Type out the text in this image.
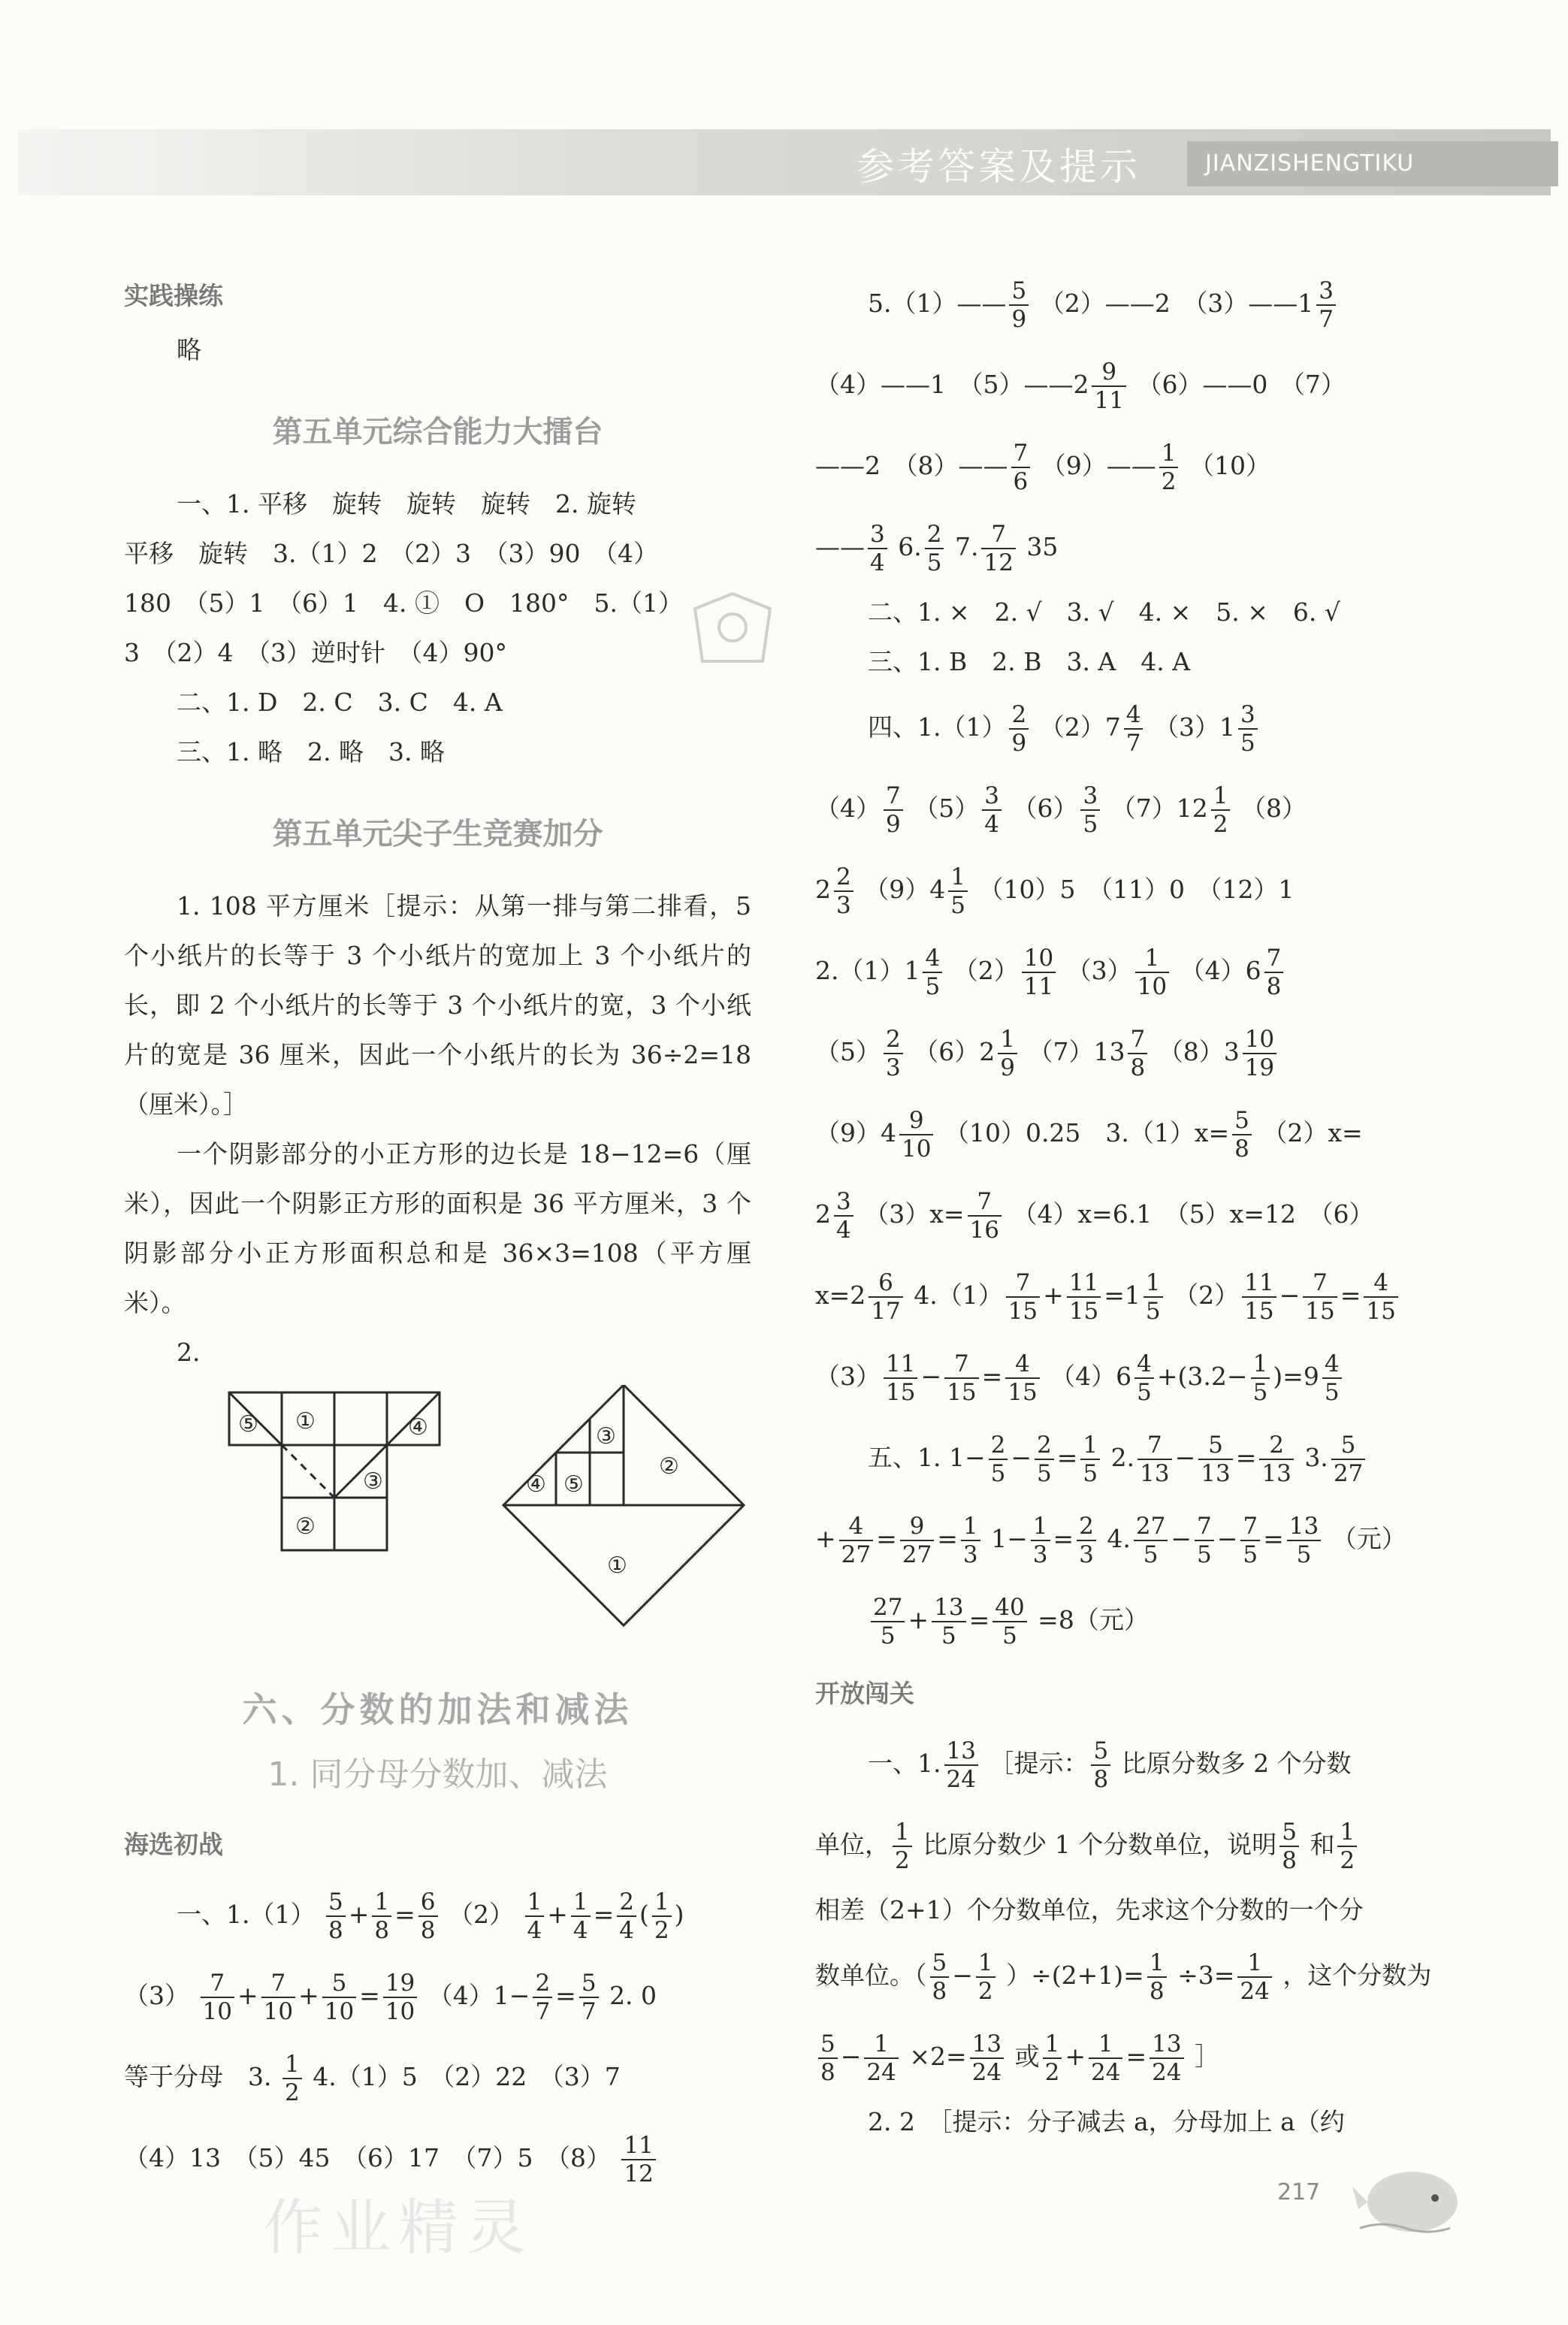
参考答案及提示	JIANZISHENGTIKU
实践操练
略
第五单元综合能力大擂台
一、1. 平移　旋转　旋转　旋转　2. 旋转
平移　旋转　3.（1）2　（2）3　（3）90　（4）
180　（5）1　（6）1　4. ①　O　180°　5.（1）
3　（2）4　（3）逆时针　（4）90°
二、1. D　2. C　3. C　4. A
三、1. 略　2. 略　3. 略
第五单元尖子生竞赛加分
1. 108 平方厘米［提示：从第一排与第二排看，5 个小纸片的长等于 3 个小纸片的宽加上 3 个小纸片的长，即 2 个小纸片的长等于 3 个小纸片的宽，3 个小纸片的宽是 36 厘米，因此一个小纸片的长为 36÷2=18（厘米）。］
一个阴影部分的小正方形的边长是 18−12=6（厘米），因此一个阴影正方形的面积是 36 平方厘米，3 个阴影部分小正方形面积总和是 36×3=108（平方厘米）。
2.
⑤ ①	④
③
②
①
②
③
④ ⑤
六、分数的加法和减法
1. 同分母分数加、减法
海选初战
一、$1.(1) \frac{5}{8} + \frac{1}{8} = \frac{6}{8} (2) \frac{1}{4} + \frac{1}{4} = \frac{2}{4}$ ( $\frac{1}{2}$ )
$(3) \frac{7}{10} + \frac{7}{10} + \frac{5}{10} = \frac{19}{10} (4)1- \frac{2}{7} = \frac{5}{7} 2$. 0
等于分母　3. $\frac{1}{2} 4.(1)5$　（2）22　（3）7
（4）13　（5）45　（6）17　（7）5　$(8) \frac{11}{12}$
5.（1）—— $\frac{5}{9}$ （2）——2　（3）——1 $\frac{3}{7}$
（4）——1　（5）——2 $\frac{9}{11}$ （6）——0　（7）
——2　（8）—— $\frac{7}{6}$ （9）—— $\frac{1}{2} (10)$
—— $\frac{3}{4} 6$. $\frac{2}{5} 7$. $\frac{7}{12} 35$
二、1. ×　2. √　3. √　4. ×　5. ×　6. √
三、1. B　2. B　3. A　4. A
四、$1.(1) \frac{2}{9} (2)7 \frac{4}{7} (3)1 \frac{3}{5}$
$(4) \frac{7}{9} (5) \frac{3}{4} (6) \frac{3}{5} (7)12 \frac{1}{2} (8)$
$2 \frac{2}{3} (9)4 \frac{1}{5} (10)5$　（11）0　（12）1
$2.(1)1 \frac{4}{5} (2) \frac{10}{11} (3) \frac{1}{10} (4)6 \frac{7}{8}$
$(5) \frac{2}{3} (6)2 \frac{1}{9} (7)13 \frac{7}{8} (8)3 \frac{10}{19}$
$(9)4 \frac{9}{10} (10)0.25$　$3.(1)x= \frac{5}{8} (2)x=$
$2 \frac{3}{4} (3)x= \frac{7}{16} (4)x=6.1$　（5）x=12　（6）
$x=2 \frac{6}{17} 4.(1) \frac{7}{15} + \frac{11}{15} =1 \frac{1}{5} (2) \frac{11}{15} - \frac{7}{15} = \frac{4}{15}$
$(3) \frac{11}{15} - \frac{7}{15} = \frac{4}{15} (4)6 \frac{4}{5} +(3.2- \frac{1}{5} )=9 \frac{4}{5}$
五、1. $1- \frac{2}{5} - \frac{2}{5} = \frac{1}{5} 2$. $\frac{7}{13} - \frac{5}{13} = \frac{2}{13} 3$. $\frac{5}{27}$
+ $\frac{4}{27} = \frac{9}{27} = \frac{1}{3} 1- \frac{1}{3} = \frac{2}{3} 4$. $\frac{27}{5} - \frac{7}{5} - \frac{7}{5} = \frac{13}{5}$ （元）
$\frac{27}{5} + \frac{13}{5} = \frac{40}{5} =8$（元）
开放闯关
一、1. $\frac{13}{24}$ ［提示： $\frac{5}{8}$ 比原分数多 2 个分数
单位， $\frac{1}{2}$ 比原分数少 1 个分数单位，说明 $\frac{5}{8}$ 和 $\frac{1}{2}$
相差（2+1）个分数单位，先求这个分数的一个分
数单位。（ $\frac{5}{8} - \frac{1}{2} )\div(2+1)= \frac{1}{8} \div 3= \frac{1}{24}$ ，这个分数为
$\frac{5}{8} - \frac{1}{24} \times 2= \frac{13}{24}$ 或 $\frac{1}{2} + \frac{1}{24} = \frac{13}{24}$ ］
2. 2　［提示：分子减去 a，分母加上 a（约
作业精灵
217
